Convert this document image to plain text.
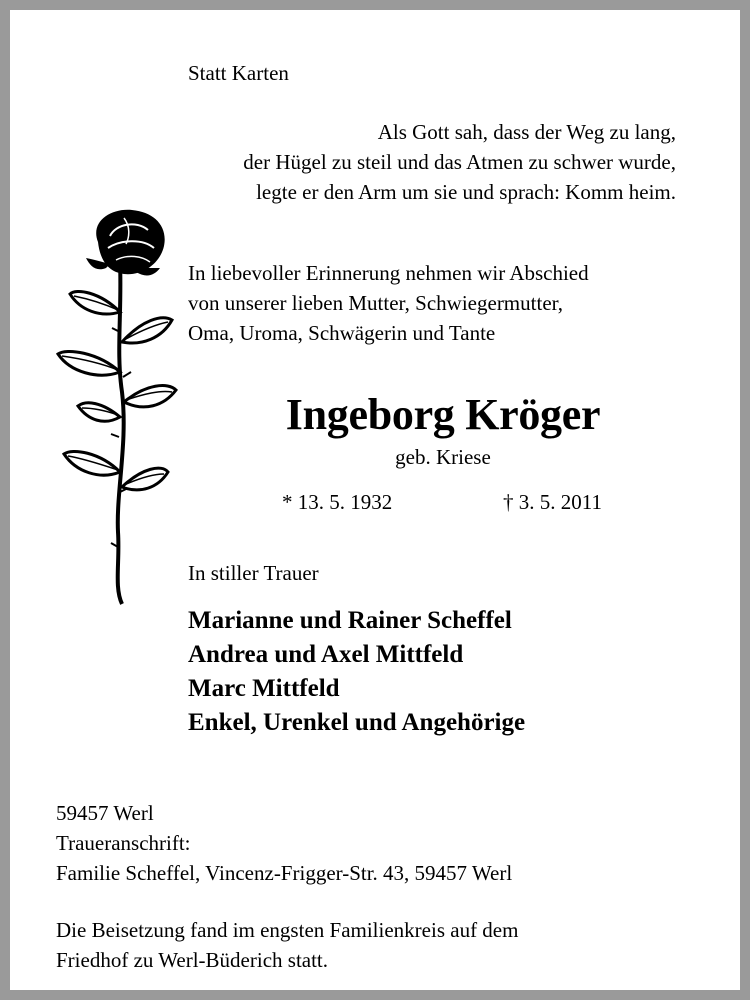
Statt Karten

Als Gott sah, dass der Weg zu lang,
der Hügel zu steil und das Atmen zu schwer wurde,
legte er den Arm um sie und sprach: Komm heim.
In liebevoller Erinnerung nehmen wir Abschied
von unserer lieben Mutter, Schwiegermutter,
Oma, Uroma, Schwägerin und Tante

Ingeborg Kröger

geb. Kriese

* 13. 5. 1932	† 3. 5. 2011

In stiller Trauer

Marianne und Rainer Scheffel
Andrea und Axel Mittfeld
Marc Mittfeld
Enkel, Urenkel und Angehörige

59457 Werl

Traueranschrift:

Familie Scheffel, Vincenz-Frigger-Str. 43, 59457 Werl

Die Beisetzung fand im engsten Familienkreis auf dem
Friedhof zu Werl-Büderich statt.
